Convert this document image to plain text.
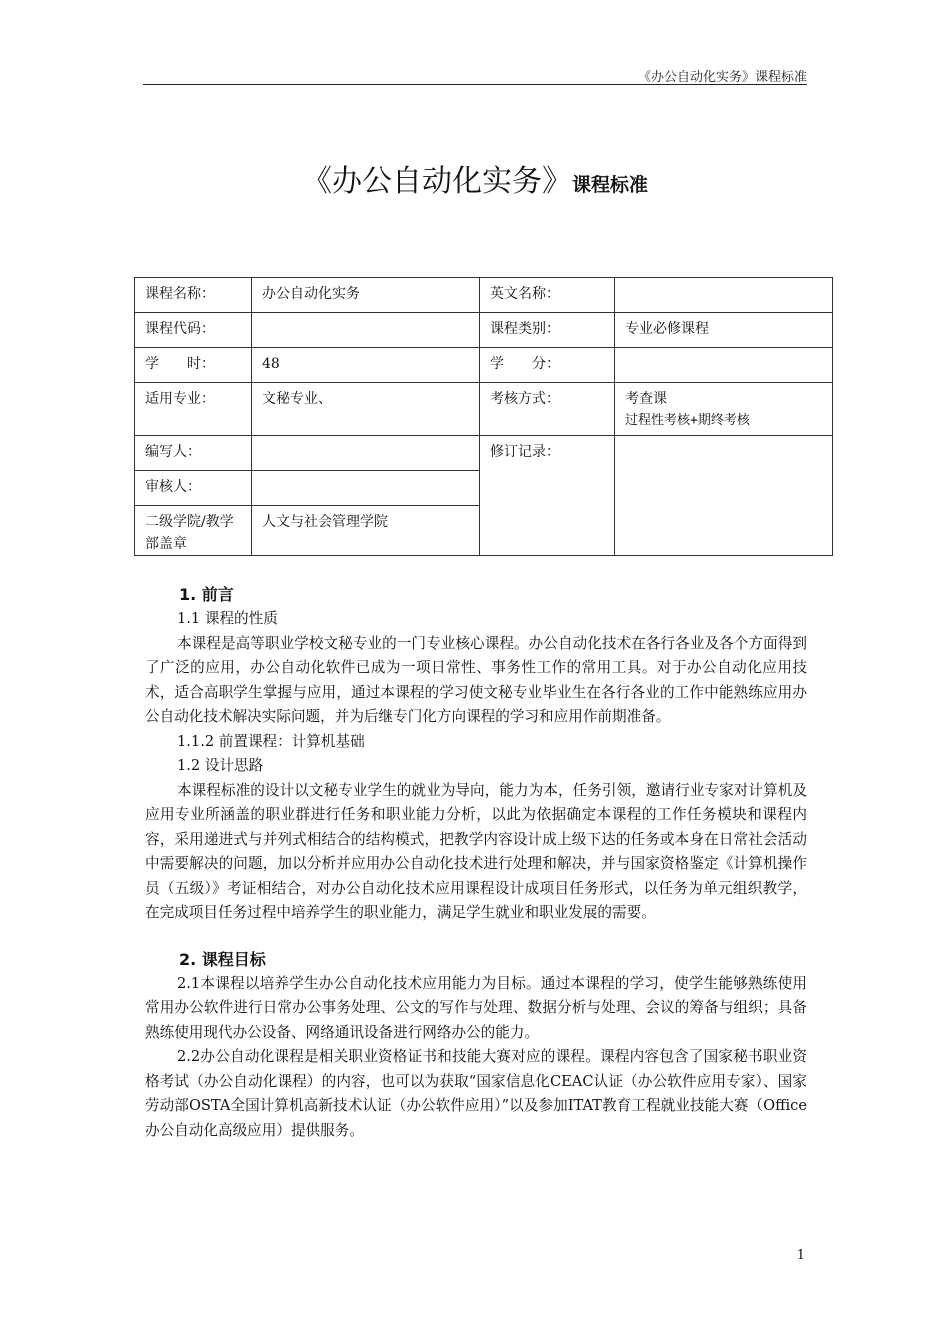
《办公自动化实务》课程标准
《办公自动化实务》课程标准
课程名称：	办公自动化实务	英文名称：	
课程代码：		课程类别：	专业必修课程
学　　时：	48	学　　分：	
适用专业：	文秘专业、	考核方式：	考查课
过程性考核+期终考核

编写人：		修订记录：	
审核人：			
二级学院/教学部盖章	人文与社会管理学院		

1. 前言

1.1 课程的性质

本课程是高等职业学校文秘专业的一门专业核心课程。办公自动化技术在各行各业及各个方面得到了广泛的应用，办公自动化软件已成为一项日常性、事务性工作的常用工具。对于办公自动化应用技术，适合高职学生掌握与应用，通过本课程的学习使文秘专业毕业生在各行各业的工作中能熟练应用办公自动化技术解决实际问题，并为后继专门化方向课程的学习和应用作前期准备。

1.1.2 前置课程：计算机基础

1.2 设计思路

本课程标准的设计以文秘专业学生的就业为导向，能力为本，任务引领，邀请行业专家对计算机及应用专业所涵盖的职业群进行任务和职业能力分析，以此为依据确定本课程的工作任务模块和课程内容，采用递进式与并列式相结合的结构模式，把教学内容设计成上级下达的任务或本身在日常社会活动中需要解决的问题，加以分析并应用办公自动化技术进行处理和解决，并与国家资格鉴定《计算机操作员（五级）》考证相结合，对办公自动化技术应用课程设计成项目任务形式，以任务为单元组织教学，在完成项目任务过程中培养学生的职业能力，满足学生就业和职业发展的需要。

2. 课程目标

2.1本课程以培养学生办公自动化技术应用能力为目标。通过本课程的学习，使学生能够熟练使用常用办公软件进行日常办公事务处理、公文的写作与处理、数据分析与处理、会议的筹备与组织；具备熟练使用现代办公设备、网络通讯设备进行网络办公的能力。

2.2办公自动化课程是相关职业资格证书和技能大赛对应的课程。课程内容包含了国家秘书职业资格考试（办公自动化课程）的内容，也可以为获取“国家信息化CEAC认证（办公软件应用专家）、国家劳动部OSTA全国计算机高新技术认证（办公软件应用）”以及参加ITAT教育工程就业技能大赛（Office办公自动化高级应用）提供服务。

1
